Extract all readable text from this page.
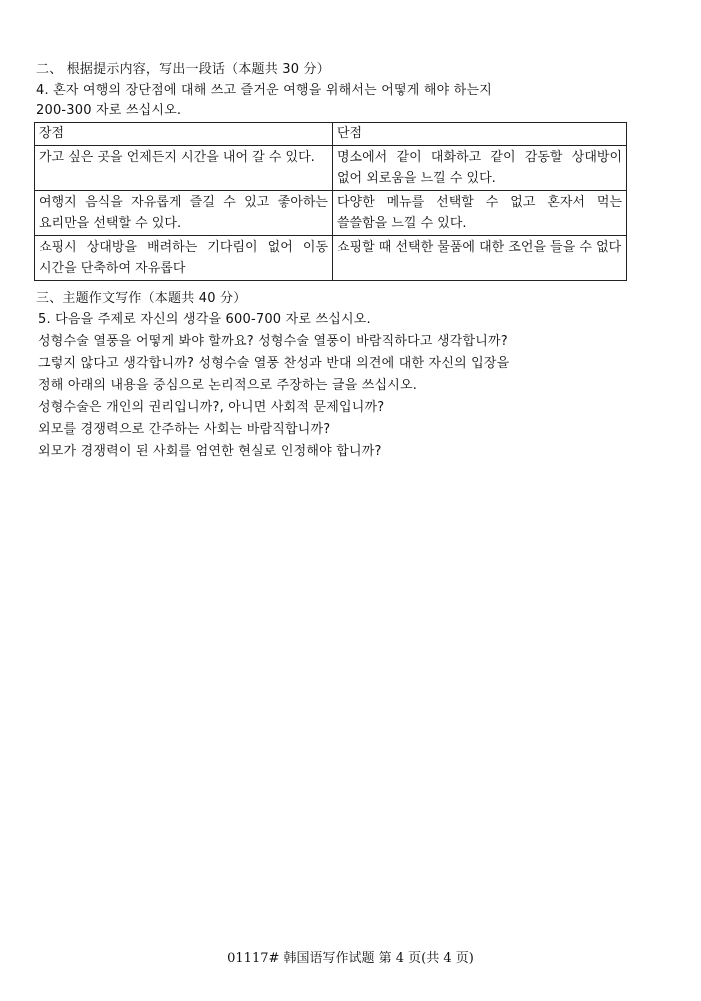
二、 根据提示内容，写出一段话（本题共 30 分）
4. 혼자 여행의 장단점에 대해 쓰고 즐거운 여행을 위해서는 어떻게 해야 하는지
200-300 자로 쓰십시오.
장점	단점

가고 싶은 곳을 언제든지 시간을 내어 갈 수 있다.	명소에서 같이 대화하고 같이 감동할 상대방이 없어 외로움을 느낄 수 있다.

여행지 음식을 자유롭게 즐길 수 있고 좋아하는 요리만을 선택할 수 있다.	다양한 메뉴를 선택할 수 없고 혼자서 먹는 쓸쓸함을 느낄 수 있다.

쇼핑시 상대방을 배려하는 기다림이 없어 이동 시간을 단축하여 자유롭다	쇼핑할 때 선택한 물품에 대한 조언을 들을 수 없다
三、主题作文写作（本题共 40 分）
5. 다음을 주제로 자신의 생각을 600-700 자로 쓰십시오.
성형수술 열풍을 어떻게 봐야 할까요? 성형수술 열풍이 바람직하다고 생각합니까?
그렇지 않다고 생각합니까? 성형수술 열풍 찬성과 반대 의견에 대한 자신의 입장을
정해 아래의 내용을 중심으로 논리적으로 주장하는 글을 쓰십시오.
성형수술은 개인의 권리입니까?, 아니면 사회적 문제입니까?
외모를 경쟁력으로 간주하는 사회는 바람직합니까?
외모가 경쟁력이 된 사회를 엄연한 현실로 인정해야 합니까?
01117# 韩国语写作试题 第 4 页(共 4 页)
